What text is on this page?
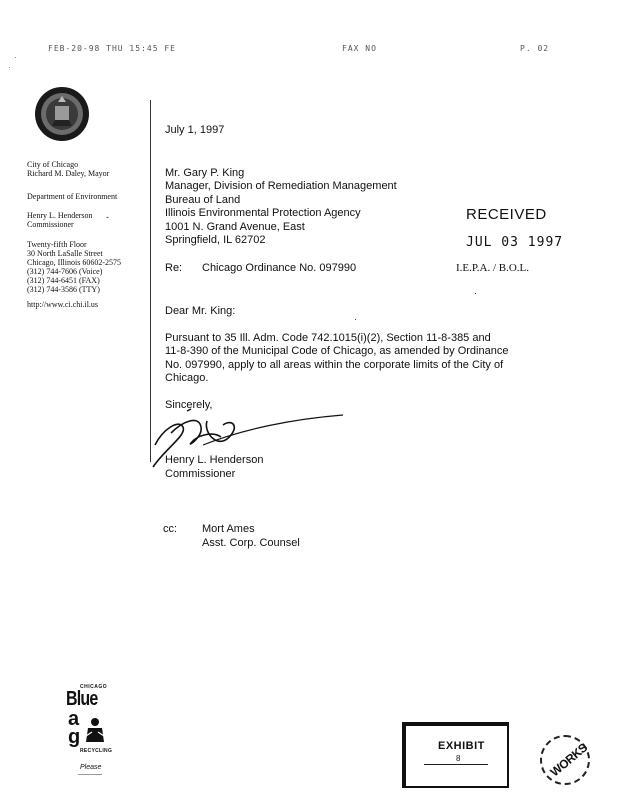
FEB-20-98 THU 15:45 FE	FAX NO	P. 02
·
·
City of Chicago
Richard M. Daley, Mayor
Department of Environment
Henry L. Henderson
Commissioner
Twenty-fifth Floor
30 North LaSalle Street
Chicago, Illinois 60602-2575
(312) 744-7606 (Voice)
(312) 744-6451 (FAX)
(312) 744-3586 (TTY)
http://www.ci.chi.il.us
-
July 1, 1997
Mr. Gary P. King
Manager, Division of Remediation Management
Bureau of Land
Illinois Environmental Protection Agency
1001 N. Grand Avenue, East
Springfield, IL 62702
Re: Chicago Ordinance No. 097990
Dear Mr. King:
Pursuant to 35 Ill. Adm. Code 742.1015(i)(2), Section 11-8-385 and
11-8-390 of the Municipal Code of Chicago, as amended by Ordinance
No. 097990, apply to all areas within the corporate limits of the City of
Chicago.
Sincerely,
Henry L. Henderson
Commissioner
cc: Mort Ames
Asst. Corp. Counsel
RECEIVED
JUL 03 1997
I.E.P.A. / B.O.L.
·
·
CHICAGO
Blue
a
g
RECYCLING
Please
EXHIBIT
8	WORKS
